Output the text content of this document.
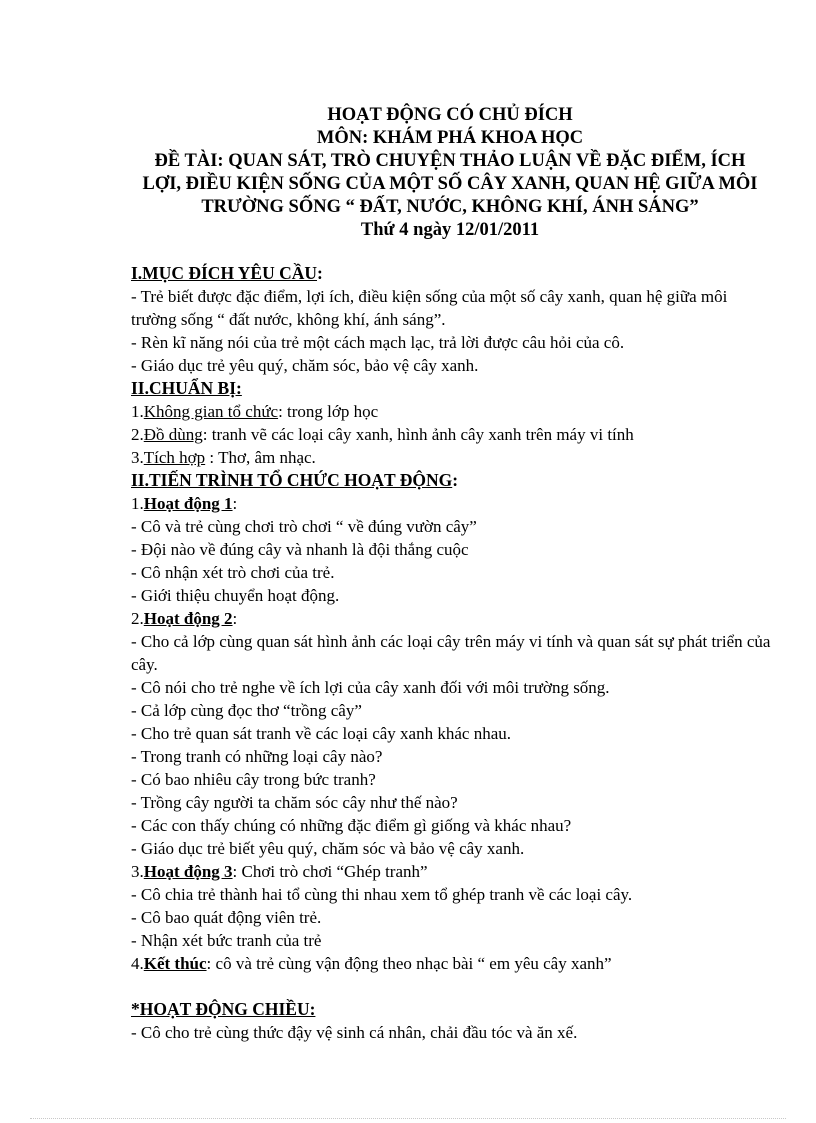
HOẠT ĐỘNG CÓ CHỦ ĐÍCH
MÔN: KHÁM PHÁ KHOA HỌC
ĐỀ TÀI: QUAN SÁT, TRÒ CHUYỆN THẢO LUẬN VỀ ĐẶC ĐIỂM, ÍCH
LỢI, ĐIỀU KIỆN SỐNG CỦA MỘT SỐ CÂY XANH, QUAN HỆ GIỮA MÔI
TRƯỜNG SỐNG “ ĐẤT, NƯỚC, KHÔNG KHÍ, ÁNH SÁNG”
Thứ 4 ngày 12/01/2011
I.MỤC ĐÍCH YÊU CẦU:
- Trẻ biết được đặc điểm, lợi ích, điều kiện sống của một số cây xanh, quan hệ giữa môi trường sống “ đất nước, không khí, ánh sáng”.
- Rèn kĩ năng nói của trẻ một cách mạch lạc, trả lời được câu hỏi của cô.
- Giáo dục trẻ yêu quý, chăm sóc, bảo vệ cây xanh.
II.CHUẨN BỊ:
1.Không gian tổ chức: trong lớp học
2.Đồ dùng: tranh vẽ các loại cây xanh, hình ảnh cây xanh trên máy vi tính
3.Tích hợp : Thơ, âm nhạc.
II.TIẾN TRÌNH TỔ CHỨC HOẠT ĐỘNG:
1.Hoạt động 1:
- Cô và trẻ cùng chơi trò chơi “ về đúng vườn cây”
- Đội nào về đúng cây và nhanh là đội thắng cuộc
- Cô nhận xét trò chơi của trẻ.
- Giới thiệu chuyển hoạt động.
2.Hoạt động 2:
- Cho cả lớp cùng quan sát hình ảnh các loại cây trên máy vi tính và quan sát sự phát triển của cây.
- Cô nói cho trẻ nghe về ích lợi của cây xanh đối với môi trường sống.
- Cả lớp cùng đọc thơ “trồng cây”
- Cho trẻ quan sát tranh về các loại cây xanh khác nhau.
- Trong tranh có những loại cây nào?
- Có bao nhiêu cây trong bức tranh?
- Trồng cây người ta chăm sóc cây như thế nào?
- Các con thấy chúng có những đặc điểm gì giống và khác nhau?
- Giáo dục trẻ biết yêu quý, chăm sóc và bảo vệ cây xanh.
3.Hoạt động 3: Chơi trò chơi “Ghép tranh”
- Cô chia trẻ thành hai tổ cùng thi nhau xem tổ ghép tranh về các loại cây.
- Cô bao quát động viên trẻ.
- Nhận xét bức tranh của trẻ
4.Kết thúc: cô và trẻ cùng vận động theo nhạc bài “ em yêu cây xanh”
*HOẠT ĐỘNG CHIỀU:
- Cô cho trẻ cùng thức đậy vệ sinh cá nhân, chải đầu tóc và ăn xế.
